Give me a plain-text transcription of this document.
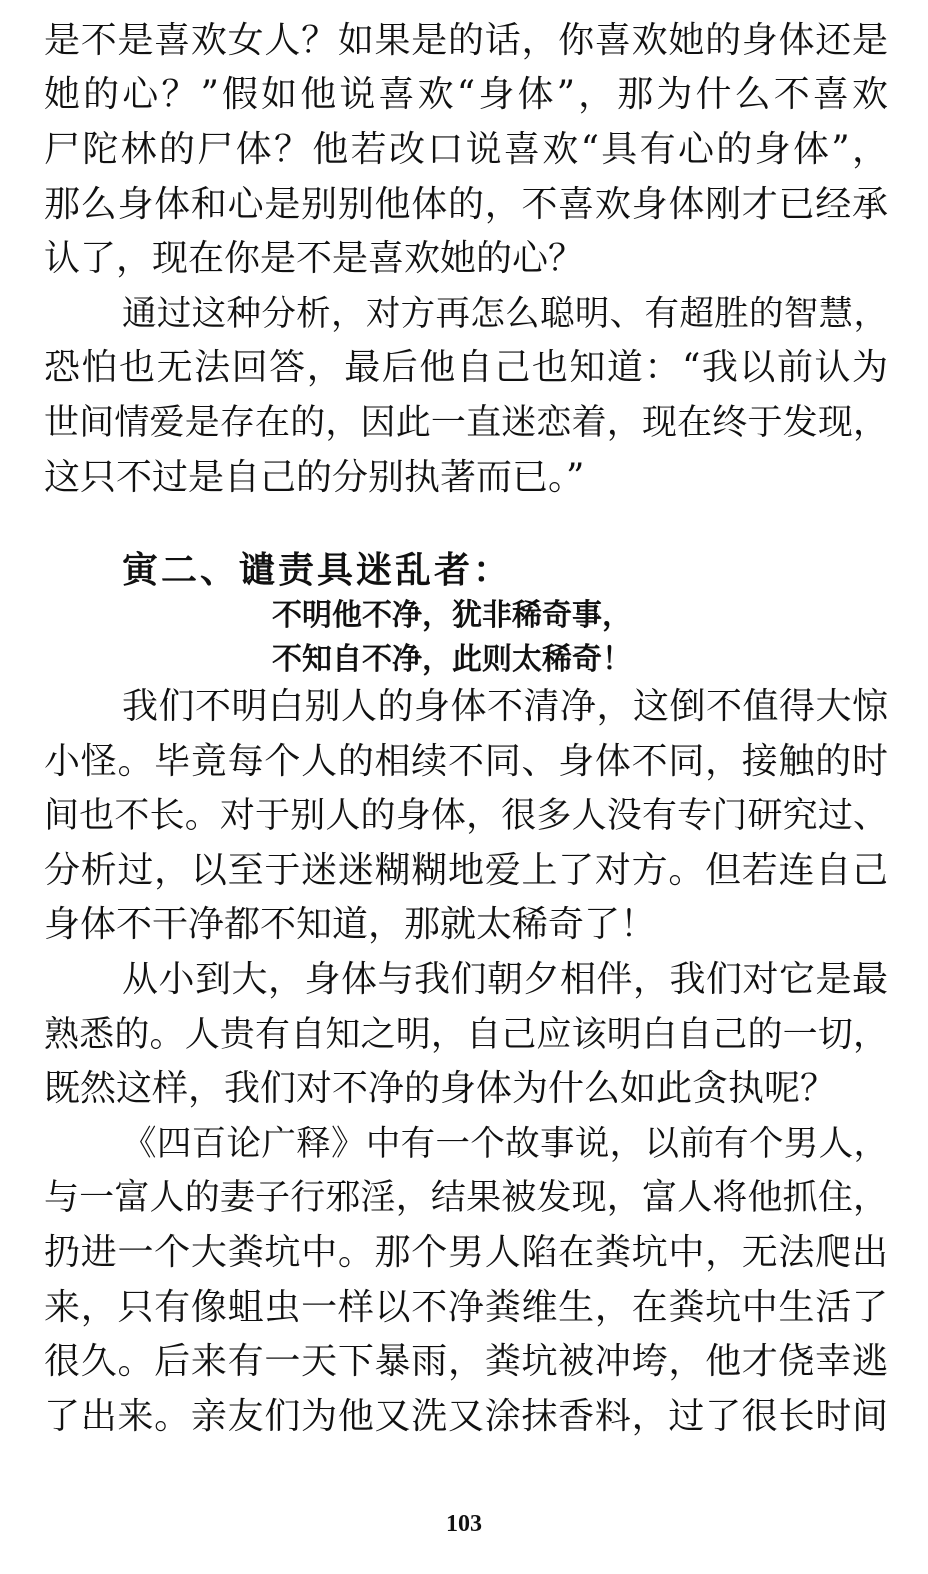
是不是喜欢女人？如果是的话，你喜欢她的身体还是
她的心？”假如他说喜欢“身体”，那为什么不喜欢
尸陀林的尸体？他若改口说喜欢“具有心的身体”，
那么身体和心是别别他体的，不喜欢身体刚才已经承
认了，现在你是不是喜欢她的心？
通过这种分析，对方再怎么聪明、有超胜的智慧，
恐怕也无法回答，最后他自己也知道：“我以前认为
世间情爱是存在的，因此一直迷恋着，现在终于发现，
这只不过是自己的分别执著而已。”
寅二、谴责具迷乱者：
不明他不净，犹非稀奇事，
不知自不净，此则太稀奇！
我们不明白别人的身体不清净，这倒不值得大惊
小怪。毕竟每个人的相续不同、身体不同，接触的时
间也不长。对于别人的身体，很多人没有专门研究过、
分析过，以至于迷迷糊糊地爱上了对方。但若连自己
身体不干净都不知道，那就太稀奇了！
从小到大，身体与我们朝夕相伴，我们对它是最
熟悉的。人贵有自知之明，自己应该明白自己的一切，
既然这样，我们对不净的身体为什么如此贪执呢？
《四百论广释》中有一个故事说，以前有个男人，
与一富人的妻子行邪淫，结果被发现，富人将他抓住，
扔进一个大粪坑中。那个男人陷在粪坑中，无法爬出
来，只有像蛆虫一样以不净粪维生，在粪坑中生活了
很久。后来有一天下暴雨，粪坑被冲垮，他才侥幸逃
了出来。亲友们为他又洗又涂抹香料，过了很长时间
103
